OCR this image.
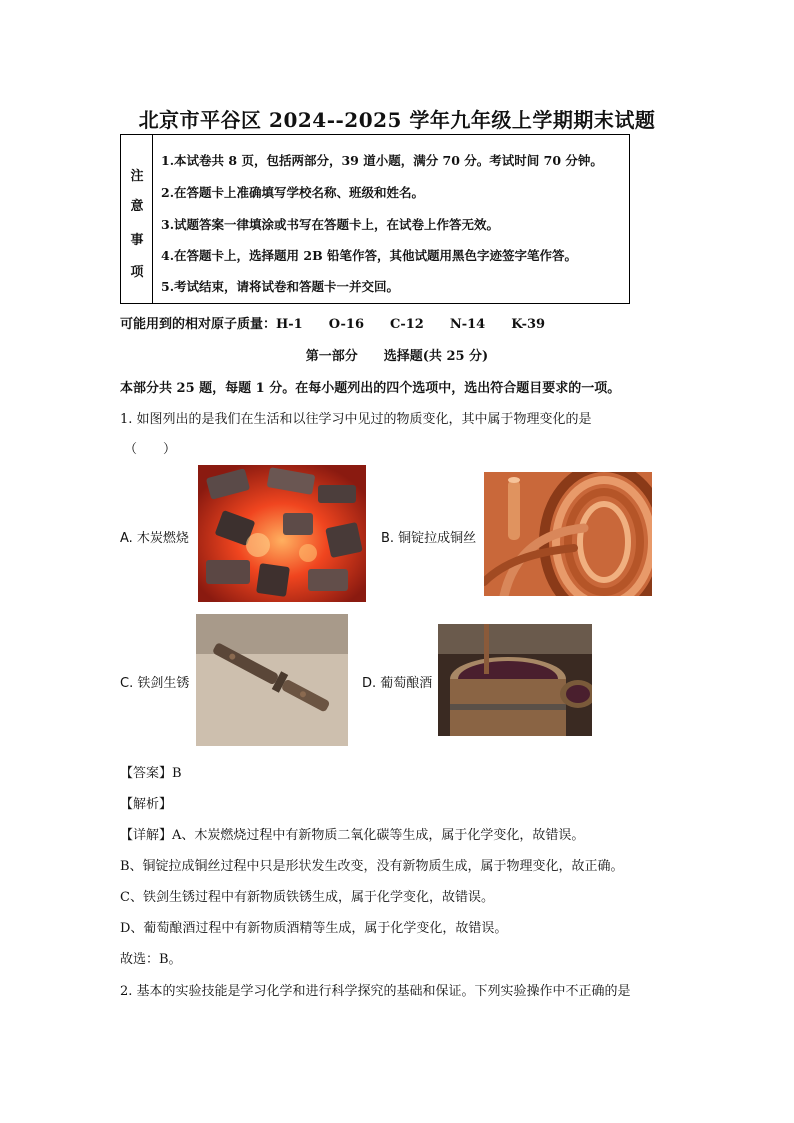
北京市平谷区 2024--2025 学年九年级上学期期末试题
注
意
事
项
1.本试卷共 8 页，包括两部分，39 道小题，满分 70 分。考试时间 70 分钟。
2.在答题卡上准确填写学校名称、班级和姓名。
3.试题答案一律填涂或书写在答题卡上，在试卷上作答无效。
4.在答题卡上，选择题用 2B 铅笔作答，其他试题用黑色字迹签字笔作答。
5.考试结束，请将试卷和答题卡一并交回。
可能用到的相对原子质量：H-1　　O-16　　C-12　　N-14　　K-39
第一部分　　选择题(共 25 分)
本部分共 25 题，每题 1 分。在每小题列出的四个选项中，选出符合题目要求的一项。
1. 如图列出的是我们在生活和以往学习中见过的物质变化，其中属于物理变化的是
（　　）
A. 木炭燃烧	B. 铜锭拉成铜丝
C. 铁剑生锈	D. 葡萄酿酒
【答案】B
【解析】
【详解】A、木炭燃烧过程中有新物质二氧化碳等生成，属于化学变化，故错误。
B、铜锭拉成铜丝过程中只是形状发生改变，没有新物质生成，属于物理变化，故正确。
C、铁剑生锈过程中有新物质铁锈生成，属于化学变化，故错误。
D、葡萄酿酒过程中有新物质酒精等生成，属于化学变化，故错误。
故选：B。
2. 基本的实验技能是学习化学和进行科学探究的基础和保证。下列实验操作中不正确的是
